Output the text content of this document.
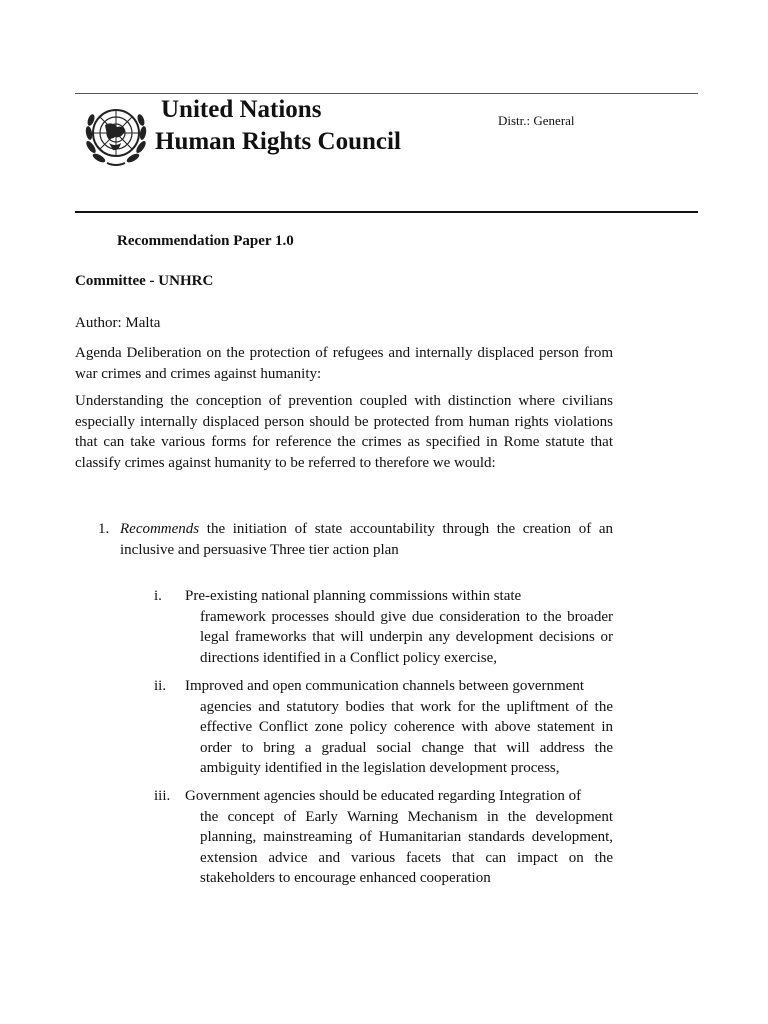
United Nations
Human Rights Council
Distr.: General
Recommendation Paper 1.0
Committee - UNHRC
Author: Malta

Agenda Deliberation on the protection of refugees and internally displaced person from war crimes and crimes against humanity:

Understanding the conception of prevention coupled with distinction where civilians especially internally displaced person should be protected from human rights violations that can take various forms for reference the crimes as specified in Rome statute that classify crimes against humanity to be referred to therefore we would:

1. Recommends the initiation of state accountability through the creation of an inclusive and persuasive Three tier action plan
i. Pre-existing national planning commissions within state
framework processes should give due consideration to the broader legal frameworks that will underpin any development decisions or directions identified in a Conflict policy exercise,
ii. Improved and open communication channels between government
agencies and statutory bodies that work for the upliftment of the effective Conflict zone policy coherence with above statement in order to bring a gradual social change that will address the ambiguity identified in the legislation development process,
iii. Government agencies should be educated regarding Integration of
the concept of Early Warning Mechanism in the development planning, mainstreaming of Humanitarian standards development, extension advice and various facets that can impact on the stakeholders to encourage enhanced cooperation
